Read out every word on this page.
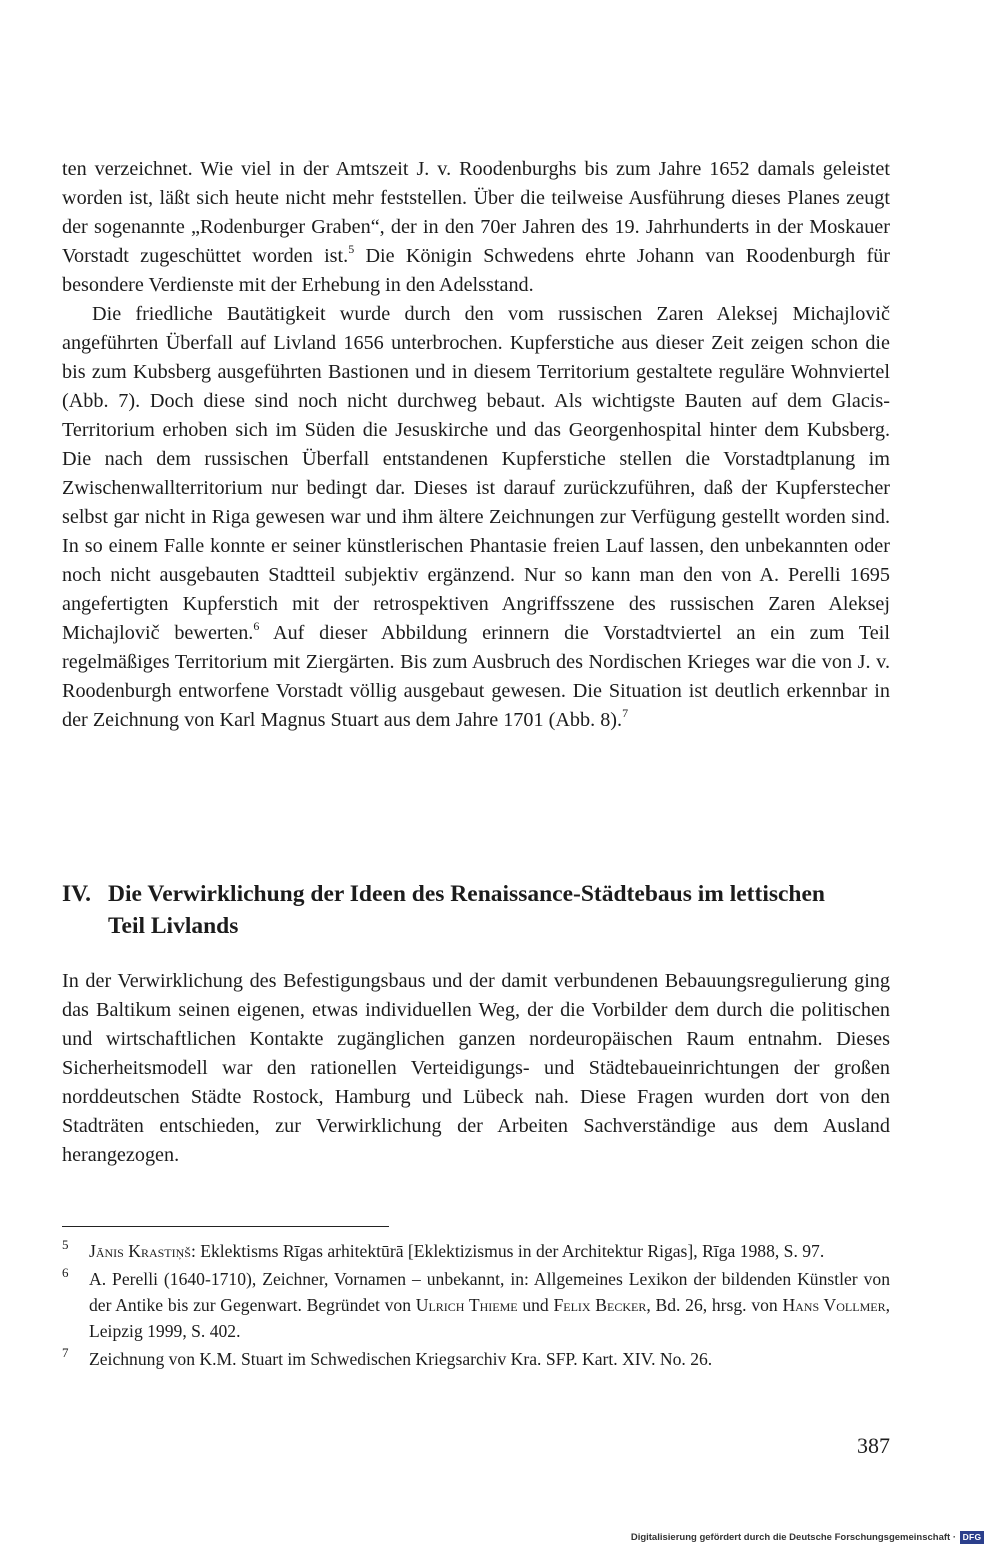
ten verzeichnet. Wie viel in der Amtszeit J. v. Roodenburghs bis zum Jahre 1652 damals geleistet worden ist, läßt sich heute nicht mehr feststellen. Über die teilweise Ausführung dieses Planes zeugt der sogenannte „Rodenburger Graben“, der in den 70er Jahren des 19. Jahrhunderts in der Moskauer Vorstadt zugeschüttet worden ist.$^5$ Die Königin Schwedens ehrte Johann van Roodenburgh für besondere Verdienste mit der Erhebung in den Adelsstand.

Die friedliche Bautätigkeit wurde durch den vom russischen Zaren Aleksej Michajlovič angeführten Überfall auf Livland 1656 unterbrochen. Kupferstiche aus dieser Zeit zeigen schon die bis zum Kubsberg ausgeführten Bastionen und in diesem Territorium gestaltete reguläre Wohnviertel (Abb. 7). Doch diese sind noch nicht durchweg bebaut. Als wichtigste Bauten auf dem Glacis-Territorium erhoben sich im Süden die Jesuskirche und das Georgenhospital hinter dem Kubsberg. Die nach dem russischen Überfall entstandenen Kupferstiche stellen die Vorstadtplanung im Zwischenwallterritorium nur bedingt dar. Dieses ist darauf zurückzuführen, daß der Kupferstecher selbst gar nicht in Riga gewesen war und ihm ältere Zeichnungen zur Verfügung gestellt worden sind. In so einem Falle konnte er seiner künstlerischen Phantasie freien Lauf lassen, den unbekannten oder noch nicht ausgebauten Stadtteil subjektiv ergänzend. Nur so kann man den von A. Perelli 1695 angefertigten Kupferstich mit der retrospektiven Angriffsszene des russischen Zaren Aleksej Michajlovič bewerten.$^6$ Auf dieser Abbildung erinnern die Vorstadtviertel an ein zum Teil regelmäßiges Territorium mit Ziergärten. Bis zum Ausbruch des Nordischen Krieges war die von J. v. Roodenburgh entworfene Vorstadt völlig ausgebaut gewesen. Die Situation ist deutlich erkennbar in der Zeichnung von Karl Magnus Stuart aus dem Jahre 1701 (Abb. 8).$^7$

IV. Die Verwirklichung der Ideen des Renaissance-Städtebaus im lettischen
Teil Livlands

In der Verwirklichung des Befestigungsbaus und der damit verbundenen Bebauungsregulierung ging das Baltikum seinen eigenen, etwas individuellen Weg, der die Vorbilder dem durch die politischen und wirtschaftlichen Kontakte zugänglichen ganzen nordeuropäischen Raum entnahm. Dieses Sicherheitsmodell war den rationellen Verteidigungs- und Städtebaueinrichtungen der großen norddeutschen Städte Rostock, Hamburg und Lübeck nah. Diese Fragen wurden dort von den Stadträten entschieden, zur Verwirklichung der Arbeiten Sachverständige aus dem Ausland herangezogen.

5 Jānis Krastiņš: Eklektisms Rīgas arhitektūrā [Eklektizismus in der Architektur Rigas], Rīga 1988, S. 97.
6 A. Perelli (1640-1710), Zeichner, Vornamen – unbekannt, in: Allgemeines Lexikon der bildenden Künstler von der Antike bis zur Gegenwart. Begründet von Ulrich Thieme und Felix Becker, Bd. 26, hrsg. von Hans Vollmer, Leipzig 1999, S. 402.
7 Zeichnung von K.M. Stuart im Schwedischen Kriegsarchiv Kra. SFP. Kart. XIV. No. 26.
387
Digitalisierung gefördert durch die Deutsche Forschungsgemeinschaft · DFG
